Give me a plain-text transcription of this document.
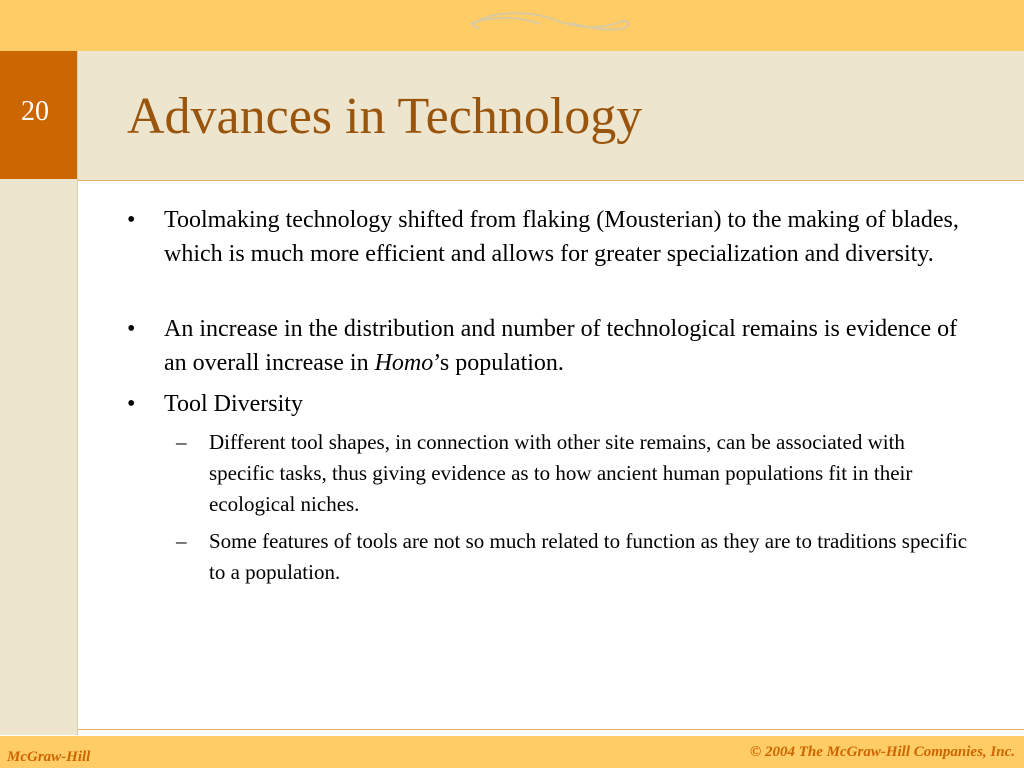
20	Advances in Technology
• Toolmaking technology shifted from flaking (Mousterian) to the making of blades, which is much more efficient and allows for greater specialization and diversity.
• An increase in the distribution and number of technological remains is evidence of an overall increase in Homo’s population.
• Tool Diversity
– Different tool shapes, in connection with other site remains, can be associated with specific tasks, thus giving evidence as to how ancient human populations fit in their ecological niches.
– Some features of tools are not so much related to function as they are to traditions specific to a population.
McGraw-Hill	© 2004 The McGraw-Hill Companies, Inc.
